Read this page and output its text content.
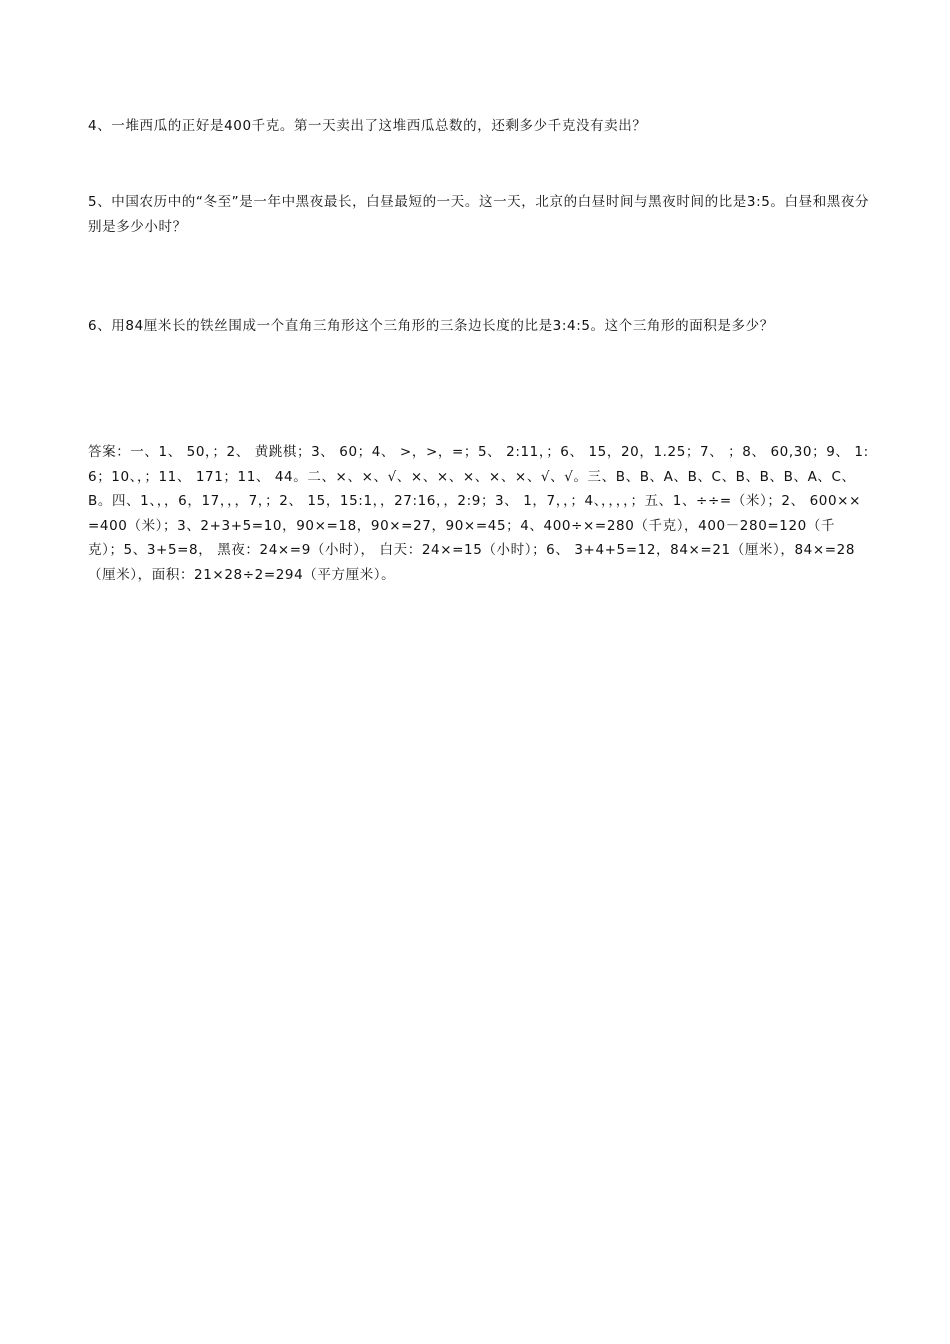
4、一堆西瓜的正好是400千克。第一天卖出了这堆西瓜总数的，还剩多少千克没有卖出？
5、中国农历中的“冬至”是一年中黑夜最长，白昼最短的一天。这一天，北京的白昼时间与黑夜时间的比是3:5。白昼和黑夜分别是多少小时？
6、用84厘米长的铁丝围成一个直角三角形这个三角形的三条边长度的比是3:4:5。这个三角形的面积是多少？
答案：一、1、 50，；2、 黄跳棋；3、 60；4、 >，>，=；5、 2:11，；6、 15，20，1.25；7、 ；8、 60,30；9、 1:6；10、，；11、 171；11、 44。二、×、×、√、×、×、×、×、×、√、√。三、B、B、A、B、C、B、B、B、A、C、B。四、1、，，6，17，，，7，；2、 15，15:1，，27:16，，2:9；3、 1，7，，；4、，，，，；五、1、÷÷=（米）；2、 600××=400（米）；3、2+3+5=10，90×=18，90×=27，90×=45；4、400÷×=280（千克），400－280=120（千克）；5、3+5=8， 黑夜：24×=9（小时）， 白天：24×=15（小时）；6、 3+4+5=12，84×=21（厘米），84×=28（厘米），面积：21×28÷2=294（平方厘米）。
